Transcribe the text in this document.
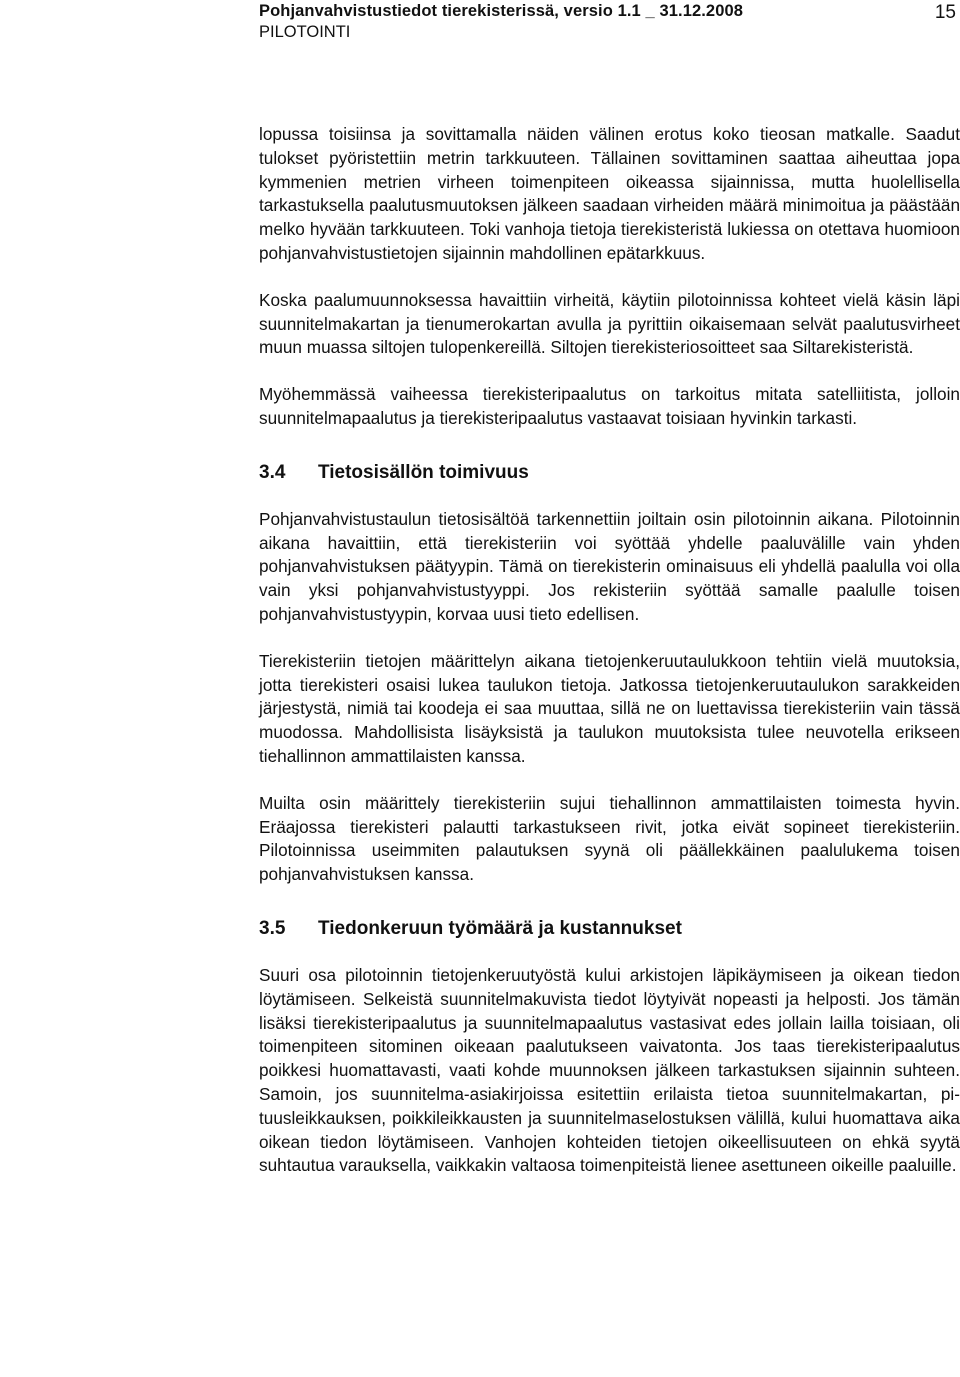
Pohjanvahvistustiedot tierekisterissä, versio 1.1 _ 31.12.2008
PILOTOINTI
15

lopussa toisiinsa ja sovittamalla näiden välinen erotus koko tieosan matkalle. Saadut tulokset pyöristettiin metrin tarkkuuteen. Tällainen sovittaminen saattaa aiheuttaa jopa kymmenien metrien virheen toimenpiteen oikeassa sijainnissa, mutta huolellisella tarkastuksella paalutusmuutoksen jälkeen saadaan virheiden määrä minimoitua ja päästään melko hyvään tarkkuuteen. Toki vanhoja tietoja tierekisteristä lukiessa on otettava huomioon pohjanvahvistustietojen sijainnin mahdollinen epätarkkuus.

Koska paalumuunnoksessa havaittiin virheitä, käytiin pilotoinnissa kohteet vielä käsin läpi suunnitelmakartan ja tienumerokartan avulla ja pyrittiin oikaisemaan selvät paalutusvirheet muun muassa siltojen tulopenkereillä. Siltojen tierekisteriosoitteet saa Siltarekisteristä.

Myöhemmässä vaiheessa tierekisteripaalutus on tarkoitus mitata satelliitista, jolloin suunnitelmapaalutus ja tierekisteripaalutus vastaavat toisiaan hyvinkin tarkasti.

3.4 Tietosisällön toimivuus

Pohjanvahvistustaulun tietosisältöä tarkennettiin joiltain osin pilotoinnin aikana. Pilotoinnin aikana havaittiin, että tierekisteriin voi syöttää yhdelle paaluvälille vain yhden pohjanvahvistuksen päätyypin. Tämä on tierekisterin ominaisuus eli yhdellä paalulla voi olla vain yksi pohjanvahvistustyyppi. Jos rekisteriin syöttää samalle paalulle toisen pohjanvahvistustyypin, korvaa uusi tieto edellisen.

Tierekisteriin tietojen määrittelyn aikana tietojenkeruutaulukkoon tehtiin vielä muutoksia, jotta tierekisteri osaisi lukea taulukon tietoja. Jatkossa tietojenkeruutaulukon sarakkeiden järjestystä, nimiä tai koodeja ei saa muuttaa, sillä ne on luettavissa tierekisteriin vain tässä muodossa. Mahdollisista lisäyksistä ja taulukon muutoksista tulee neuvotella erikseen tiehallinnon ammattilaisten kanssa.

Muilta osin määrittely tierekisteriin sujui tiehallinnon ammattilaisten toimesta hyvin. Eräajossa tierekisteri palautti tarkastukseen rivit, jotka eivät sopineet tierekisteriin. Pilotoinnissa useimmiten palautuksen syynä oli päällekkäinen paalulukema toisen pohjanvahvistuksen kanssa.

3.5 Tiedonkeruun työmäärä ja kustannukset

Suuri osa pilotoinnin tietojenkeruutyöstä kului arkistojen läpikäymiseen ja oikean tiedon löytämiseen. Selkeistä suunnitelmakuvista tiedot löytyivät nopeasti ja helposti. Jos tämän lisäksi tierekisteripaalutus ja suunnitelmapaalutus vastasivat edes jollain lailla toisiaan, oli toimenpiteen sitominen oikeaan paalutukseen vaivatonta. Jos taas tierekisteripaalutus poikkesi huomattavasti, vaati kohde muunnoksen jälkeen tarkastuksen sijainnin suhteen. Samoin, jos suunnitelma-asiakirjoissa esitettiin erilaista tietoa suunnitelmakartan, pituusleikkauksen, poikkileikkausten ja suunnitelmaselostuksen välillä, kului huomattava aika oikean tiedon löytämiseen. Vanhojen kohteiden tietojen oikeellisuuteen on ehkä syytä suhtautua varauksella, vaikkakin valtaosa toimenpiteistä lienee asettuneen oikeille paaluille.
